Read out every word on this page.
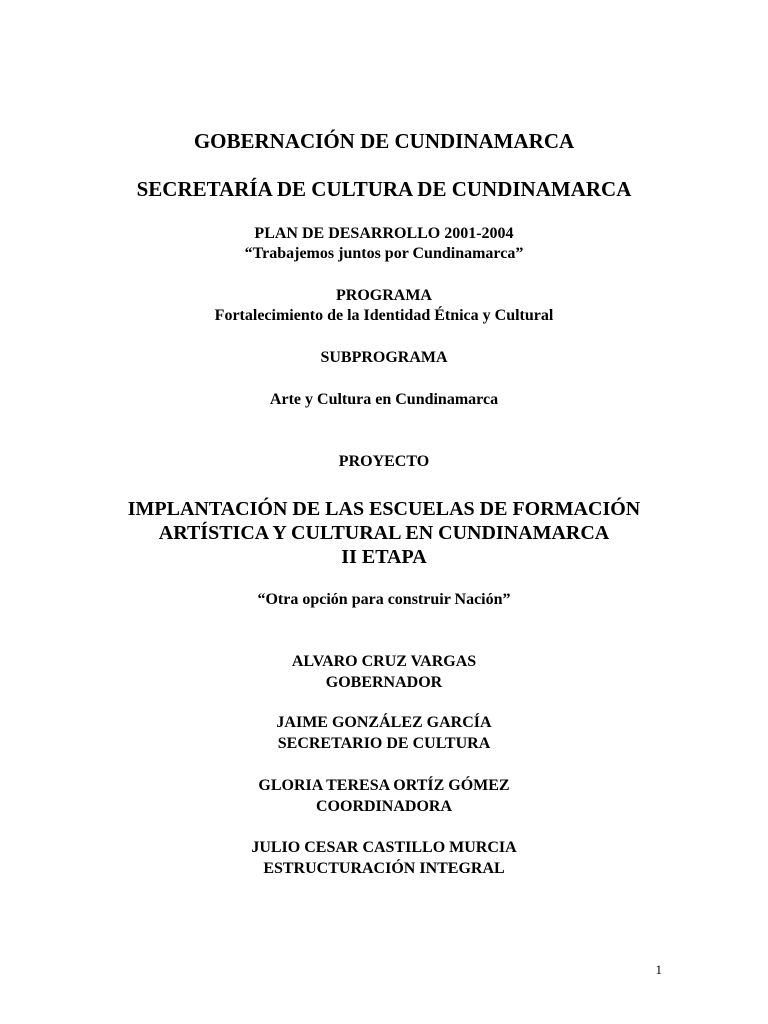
GOBERNACIÓN DE CUNDINAMARCA
SECRETARÍA DE CULTURA DE CUNDINAMARCA
PLAN DE DESARROLLO 2001-2004
“Trabajemos juntos por Cundinamarca”
PROGRAMA
Fortalecimiento de la Identidad Étnica y Cultural
SUBPROGRAMA
Arte y Cultura en Cundinamarca
PROYECTO
IMPLANTACIÓN DE LAS ESCUELAS DE FORMACIÓN
ARTÍSTICA Y CULTURAL EN CUNDINAMARCA
II ETAPA
“Otra opción para construir Nación”
ALVARO CRUZ VARGAS
GOBERNADOR
JAIME GONZÁLEZ GARCÍA
SECRETARIO DE CULTURA
GLORIA TERESA ORTÍZ GÓMEZ
COORDINADORA
JULIO CESAR CASTILLO MURCIA
ESTRUCTURACIÓN INTEGRAL
1
